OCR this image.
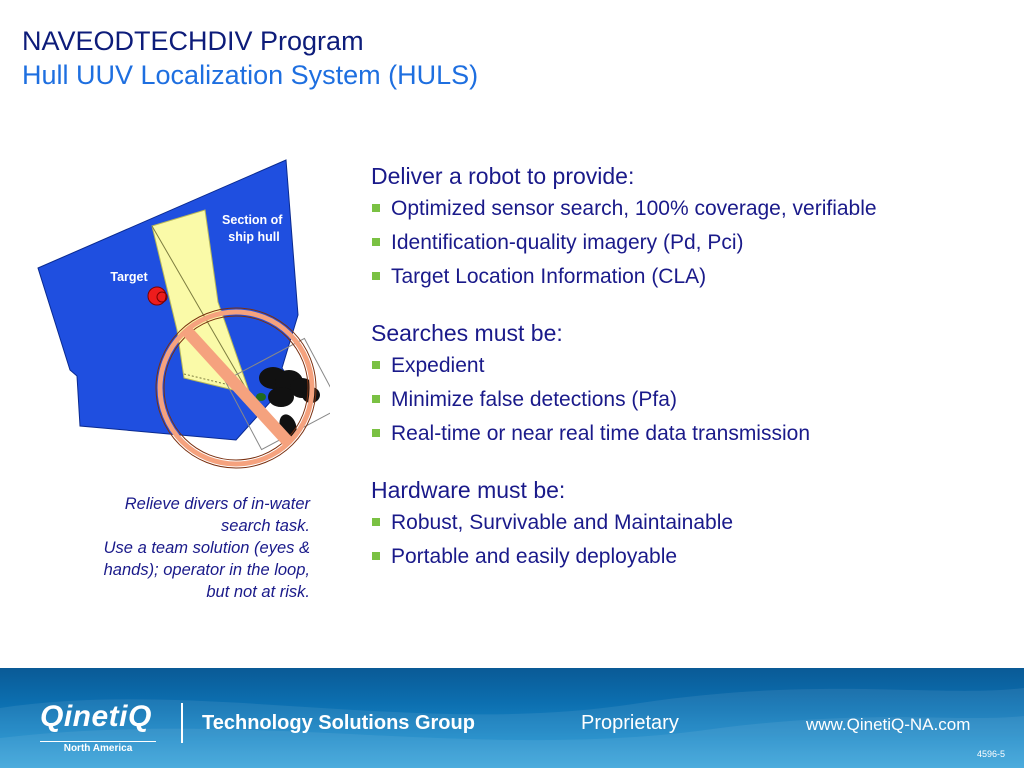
NAVEODTECHDIV Program
Hull UUV Localization System (HULS)
Section of ship hull
Target
Relieve divers of in-water
search task.
Use a team solution (eyes &
hands); operator in the loop,
but not at risk.
Deliver a robot to provide:
Optimized sensor search, 100% coverage, verifiable
Identification-quality imagery (Pd, Pci)
Target Location Information (CLA)
Searches must be:
Expedient
Minimize false detections (Pfa)
Real-time or near real time data transmission
Hardware must be:
Robust, Survivable and Maintainable
Portable and easily deployable
QinetiQ
North America
Technology Solutions Group	Proprietary	www.QinetiQ-NA.com
4596-5
